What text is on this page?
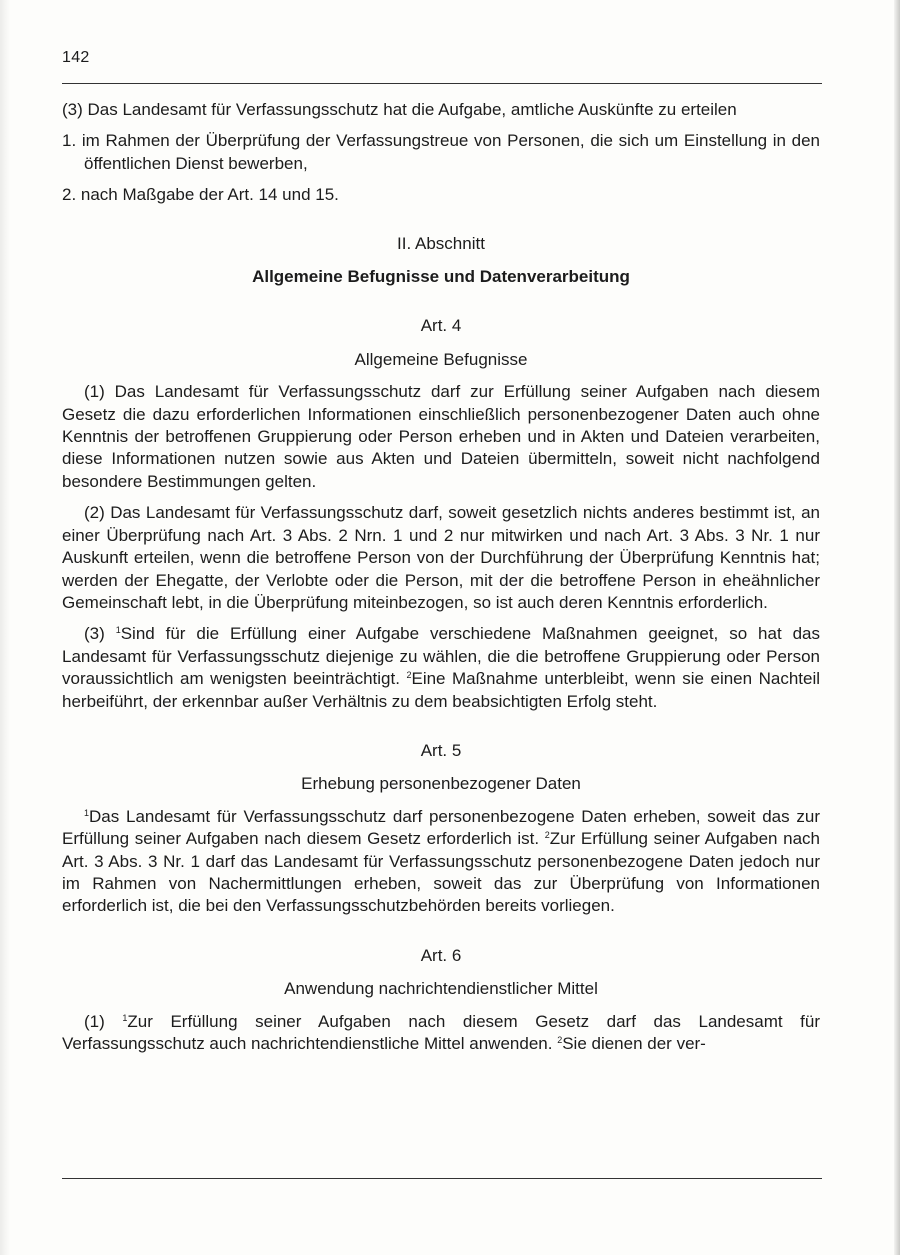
142

(3) Das Landesamt für Verfassungsschutz hat die Aufgabe, amtliche Auskünfte zu erteilen

1. im Rahmen der Überprüfung der Verfassungstreue von Personen, die sich um Einstellung in den öffentlichen Dienst bewerben,

2. nach Maßgabe der Art. 14 und 15.

II. Abschnitt

Allgemeine Befugnisse und Datenverarbeitung

Art. 4

Allgemeine Befugnisse

(1) Das Landesamt für Verfassungsschutz darf zur Erfüllung seiner Aufgaben nach diesem Gesetz die dazu erforderlichen Informationen einschließlich personenbezogener Daten auch ohne Kenntnis der betroffenen Gruppierung oder Person erheben und in Akten und Dateien verarbeiten, diese Informationen nutzen sowie aus Akten und Dateien übermitteln, soweit nicht nachfolgend besondere Bestimmungen gelten.

(2) Das Landesamt für Verfassungsschutz darf, soweit gesetzlich nichts anderes bestimmt ist, an einer Überprüfung nach Art. 3 Abs. 2 Nrn. 1 und 2 nur mitwirken und nach Art. 3 Abs. 3 Nr. 1 nur Auskunft erteilen, wenn die betroffene Person von der Durchführung der Überprüfung Kenntnis hat; werden der Ehegatte, der Verlobte oder die Person, mit der die betroffene Person in eheähnlicher Gemeinschaft lebt, in die Überprüfung miteinbezogen, so ist auch deren Kenntnis erforderlich.

(3) $^1$Sind für die Erfüllung einer Aufgabe verschiedene Maßnahmen geeignet, so hat das Landesamt für Verfassungsschutz diejenige zu wählen, die die betroffene Gruppierung oder Person voraussichtlich am wenigsten beeinträchtigt. $^2$Eine Maßnahme unterbleibt, wenn sie einen Nachteil herbeiführt, der erkennbar außer Verhältnis zu dem beabsichtigten Erfolg steht.

Art. 5

Erhebung personenbezogener Daten

$^1$Das Landesamt für Verfassungsschutz darf personenbezogene Daten erheben, soweit das zur Erfüllung seiner Aufgaben nach diesem Gesetz erforderlich ist. $^2$Zur Erfüllung seiner Aufgaben nach Art. 3 Abs. 3 Nr. 1 darf das Landesamt für Verfassungsschutz personenbezogene Daten jedoch nur im Rahmen von Nachermittlungen erheben, soweit das zur Überprüfung von Informationen erforderlich ist, die bei den Verfassungsschutzbehörden bereits vorliegen.

Art. 6

Anwendung nachrichtendienstlicher Mittel

(1) $^1$Zur Erfüllung seiner Aufgaben nach diesem Gesetz darf das Landesamt für Verfassungsschutz auch nachrichtendienstliche Mittel anwenden. $^2$Sie dienen der ver-
